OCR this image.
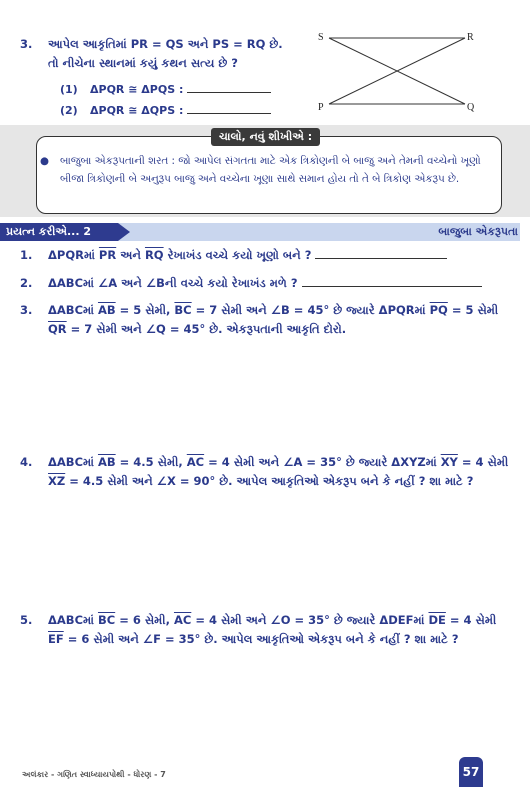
3. આપેલ આકૃતિમાં PR = QS અને PS = RQ છે.
તો નીચેના સ્થાનમાં કયું કથન સત્ય છે ?
(1) ΔPQR ≅ ΔPQS :
(2) ΔPQR ≅ ΔQPS :
S	R
P	Q
ચાલો, નવું શીખીએ :
●	બાજુબા એકરૂપતાની શરત : જો આપેલ સંગતતા માટે એક ત્રિકોણની બે બાજુ અને તેમની વચ્ચેનો ખૂણો બીજા ત્રિકોણની બે અનુરૂપ બાજુ અને વચ્ચેના ખૂણા સાથે સમાન હોય તો તે બે ત્રિકોણ એકરૂપ છે.
પ્રયત્ન કરીએ... 2	બાજુબા એકરૂપતા
1. ΔPQRમાં $\overline{PR}$ અને $\overline{RQ}$ રેખાખંડ વચ્ચે કયો ખૂણો બને ?
2. ΔABCમાં ∠A અને ∠Bની વચ્ચે કયો રેખાખંડ મળે ?
3. ΔABCમાં $\overline{AB} = 5$ સેમી, $\overline{BC} = 7$ સેમી અને ∠B = 45° છે જ્યારે ΔPQRમાં $\overline{PQ} = 5$ સેમી
$\overline{QR} = 7$ સેમી અને ∠Q = 45° છે. એકરૂપતાની આકૃતિ દોરો.
4. ΔABCમાં $\overline{AB} = 4.5$ સેમી, $\overline{AC} = 4$ સેમી અને ∠A = 35° છે જ્યારે ΔXYZમાં $\overline{XY} = 4$ સેમી
$\overline{XZ} = 4.5$ સેમી અને ∠X = 90° છે. આપેલ આકૃતિઓ એકરૂપ બને કે નહીં ? શા માટે ?
5. ΔABCમાં $\overline{BC} = 6$ સેમી, $\overline{AC} = 4$ સેમી અને ∠O = 35° છે જ્યારે ΔDEFમાં $\overline{DE} = 4$ સેમી
$\overline{EF} = 6$ સેમી અને ∠F = 35° છે. આપેલ આકૃતિઓ એકરૂપ બને કે નહીં ? શા માટે ?
અલંકાર - ગણિત સ્વાધ્યાયપોથી - ધોરણ - 7	57
